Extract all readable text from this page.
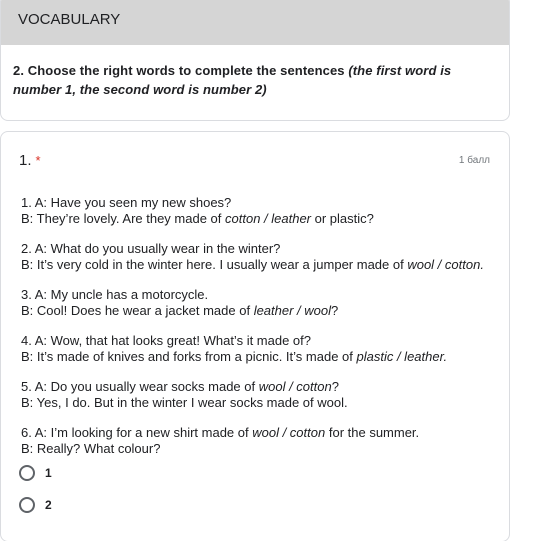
VOCABULARY
2. Choose the right words to complete the sentences (the first word is number 1, the second word is number 2)
1. *	1 балл
1. A: Have you seen my new shoes?
B: They’re lovely. Are they made of cotton / leather or plastic?
2. A: What do you usually wear in the winter?
B: It’s very cold in the winter here. I usually wear a jumper made of wool / cotton.
3. A: My uncle has a motorcycle.
B: Cool! Does he wear a jacket made of leather / wool?
4. A: Wow, that hat looks great! What’s it made of?
B: It’s made of knives and forks from a picnic. It’s made of plastic / leather.
5. A: Do you usually wear socks made of wool / cotton?
B: Yes, I do. But in the winter I wear socks made of wool.
6. A: I’m looking for a new shirt made of wool / cotton for the summer.
B: Really? What colour?
1
2
